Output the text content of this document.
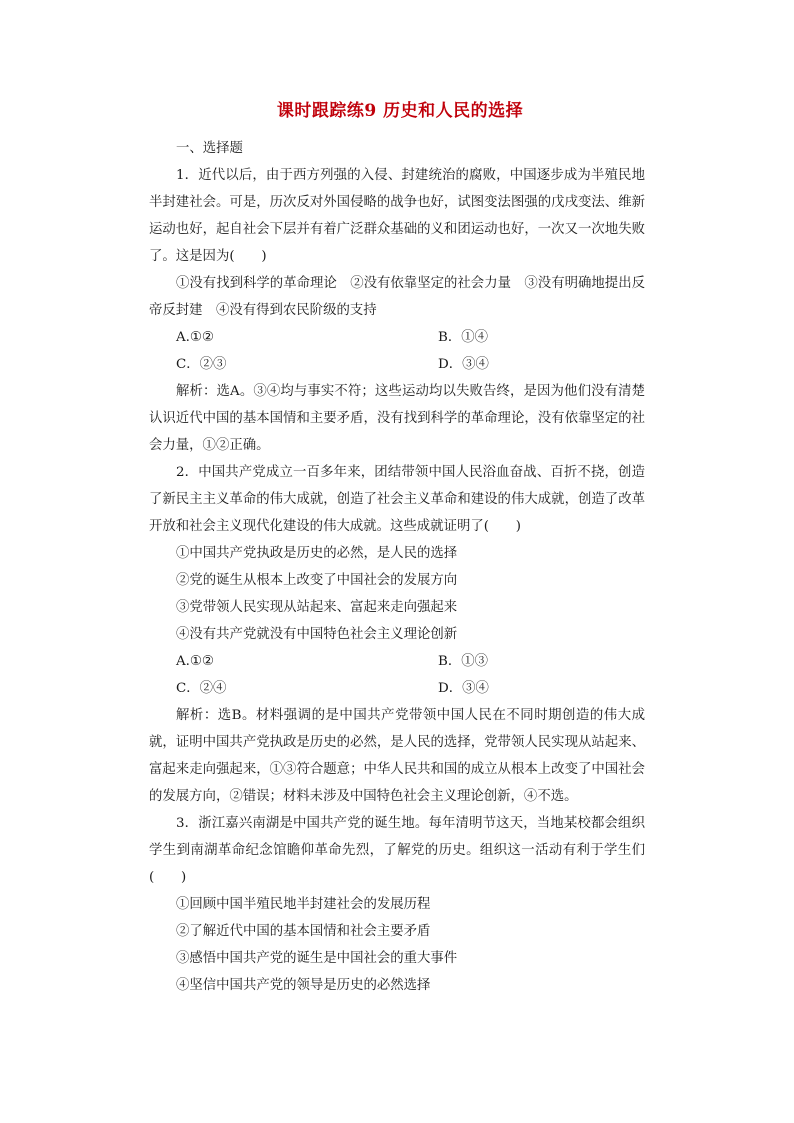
课时跟踪练9 历史和人民的选择

一、选择题

1．近代以后，由于西方列强的入侵、封建统治的腐败，中国逐步成为半殖民地半封建社会。可是，历次反对外国侵略的战争也好，试图变法图强的戊戌变法、维新运动也好，起自社会下层并有着广泛群众基础的义和团运动也好，一次又一次地失败了。这是因为(　　)

①没有找到科学的革命理论　②没有依靠坚定的社会力量　③没有明确地提出反帝反封建　④没有得到农民阶级的支持

A.①②	B．①④
C．②③	D．③④

解析：选A。③④均与事实不符；这些运动均以失败告终，是因为他们没有清楚认识近代中国的基本国情和主要矛盾，没有找到科学的革命理论，没有依靠坚定的社会力量，①②正确。

2．中国共产党成立一百多年来，团结带领中国人民浴血奋战、百折不挠，创造了新民主主义革命的伟大成就，创造了社会主义革命和建设的伟大成就，创造了改革开放和社会主义现代化建设的伟大成就。这些成就证明了(　　)

①中国共产党执政是历史的必然，是人民的选择

②党的诞生从根本上改变了中国社会的发展方向

③党带领人民实现从站起来、富起来走向强起来

④没有共产党就没有中国特色社会主义理论创新

A.①②	B．①③
C．②④	D．③④

解析：选B。材料强调的是中国共产党带领中国人民在不同时期创造的伟大成就，证明中国共产党执政是历史的必然，是人民的选择，党带领人民实现从站起来、富起来走向强起来，①③符合题意；中华人民共和国的成立从根本上改变了中国社会的发展方向，②错误；材料未涉及中国特色社会主义理论创新，④不选。

3．浙江嘉兴南湖是中国共产党的诞生地。每年清明节这天，当地某校都会组织学生到南湖革命纪念馆瞻仰革命先烈，了解党的历史。组织这一活动有利于学生们(　　)

①回顾中国半殖民地半封建社会的发展历程

②了解近代中国的基本国情和社会主要矛盾

③感悟中国共产党的诞生是中国社会的重大事件

④坚信中国共产党的领导是历史的必然选择
